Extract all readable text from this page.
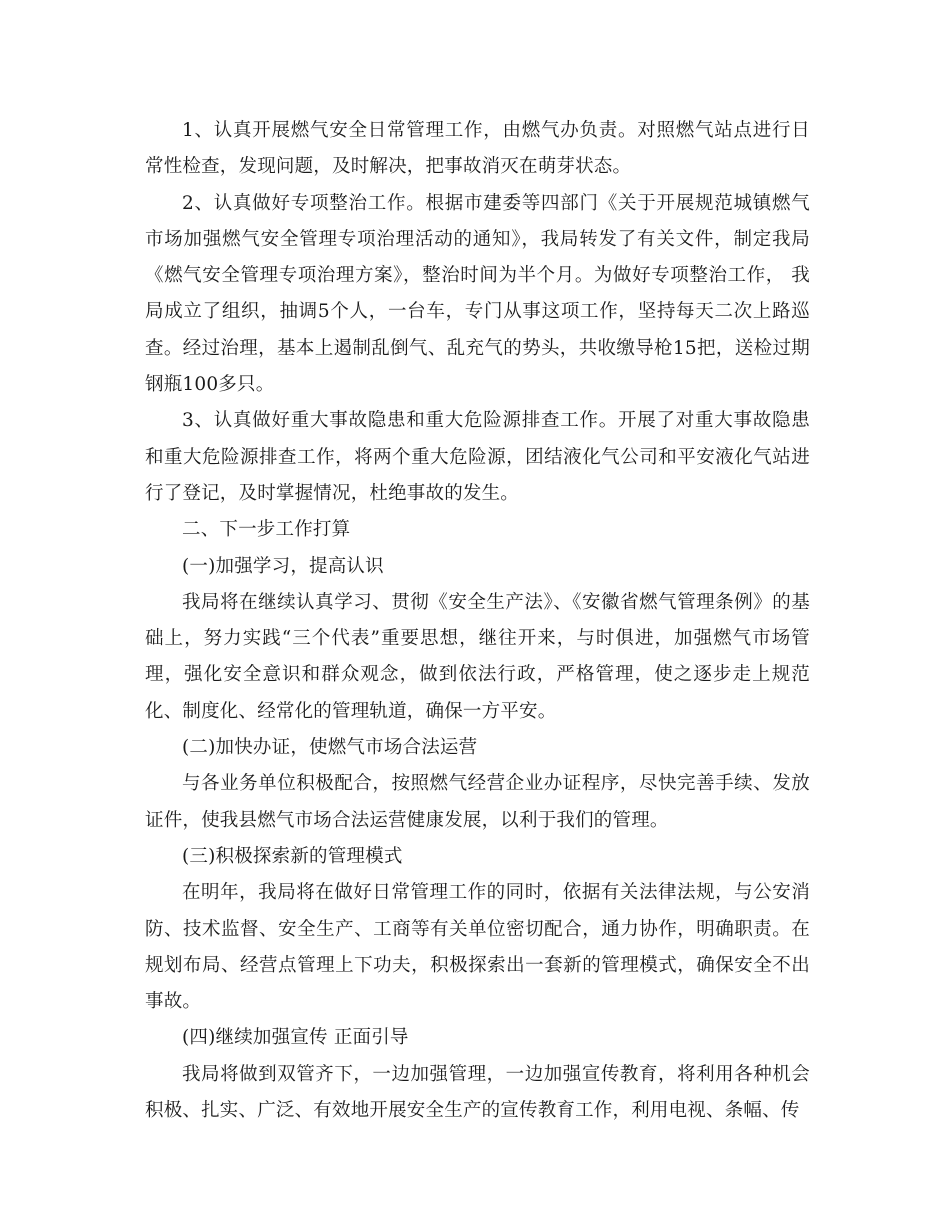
1、认真开展燃气安全日常管理工作，由燃气办负责。对照燃气站点进行日常性检查，发现问题，及时解决，把事故消灭在萌芽状态。

2、认真做好专项整治工作。根据市建委等四部门《关于开展规范城镇燃气市场加强燃气安全管理专项治理活动的通知》，我局转发了有关文件，制定我局《燃气安全管理专项治理方案》，整治时间为半个月。为做好专项整治工作， 我局成立了组织，抽调5个人，一台车，专门从事这项工作，坚持每天二次上路巡查。经过治理，基本上遏制乱倒气、乱充气的势头，共收缴导枪15把，送检过期钢瓶100多只。

3、认真做好重大事故隐患和重大危险源排查工作。开展了对重大事故隐患和重大危险源排查工作，将两个重大危险源，团结液化气公司和平安液化气站进行了登记，及时掌握情况，杜绝事故的发生。

二、下一步工作打算

(一)加强学习，提高认识

我局将在继续认真学习、贯彻《安全生产法》、《安徽省燃气管理条例》的基础上，努力实践“三个代表”重要思想，继往开来，与时俱进，加强燃气市场管理，强化安全意识和群众观念，做到依法行政，严格管理，使之逐步走上规范化、制度化、经常化的管理轨道，确保一方平安。

(二)加快办证，使燃气市场合法运营

与各业务单位积极配合，按照燃气经营企业办证程序，尽快完善手续、发放证件，使我县燃气市场合法运营健康发展，以利于我们的管理。

(三)积极探索新的管理模式

在明年，我局将在做好日常管理工作的同时，依据有关法律法规，与公安消防、技术监督、安全生产、工商等有关单位密切配合，通力协作，明确职责。在规划布局、经营点管理上下功夫，积极探索出一套新的管理模式，确保安全不出事故。

(四)继续加强宣传 正面引导

我局将做到双管齐下，一边加强管理，一边加强宣传教育，将利用各种机会积极、扎实、广泛、有效地开展安全生产的宣传教育工作，利用电视、条幅、传
